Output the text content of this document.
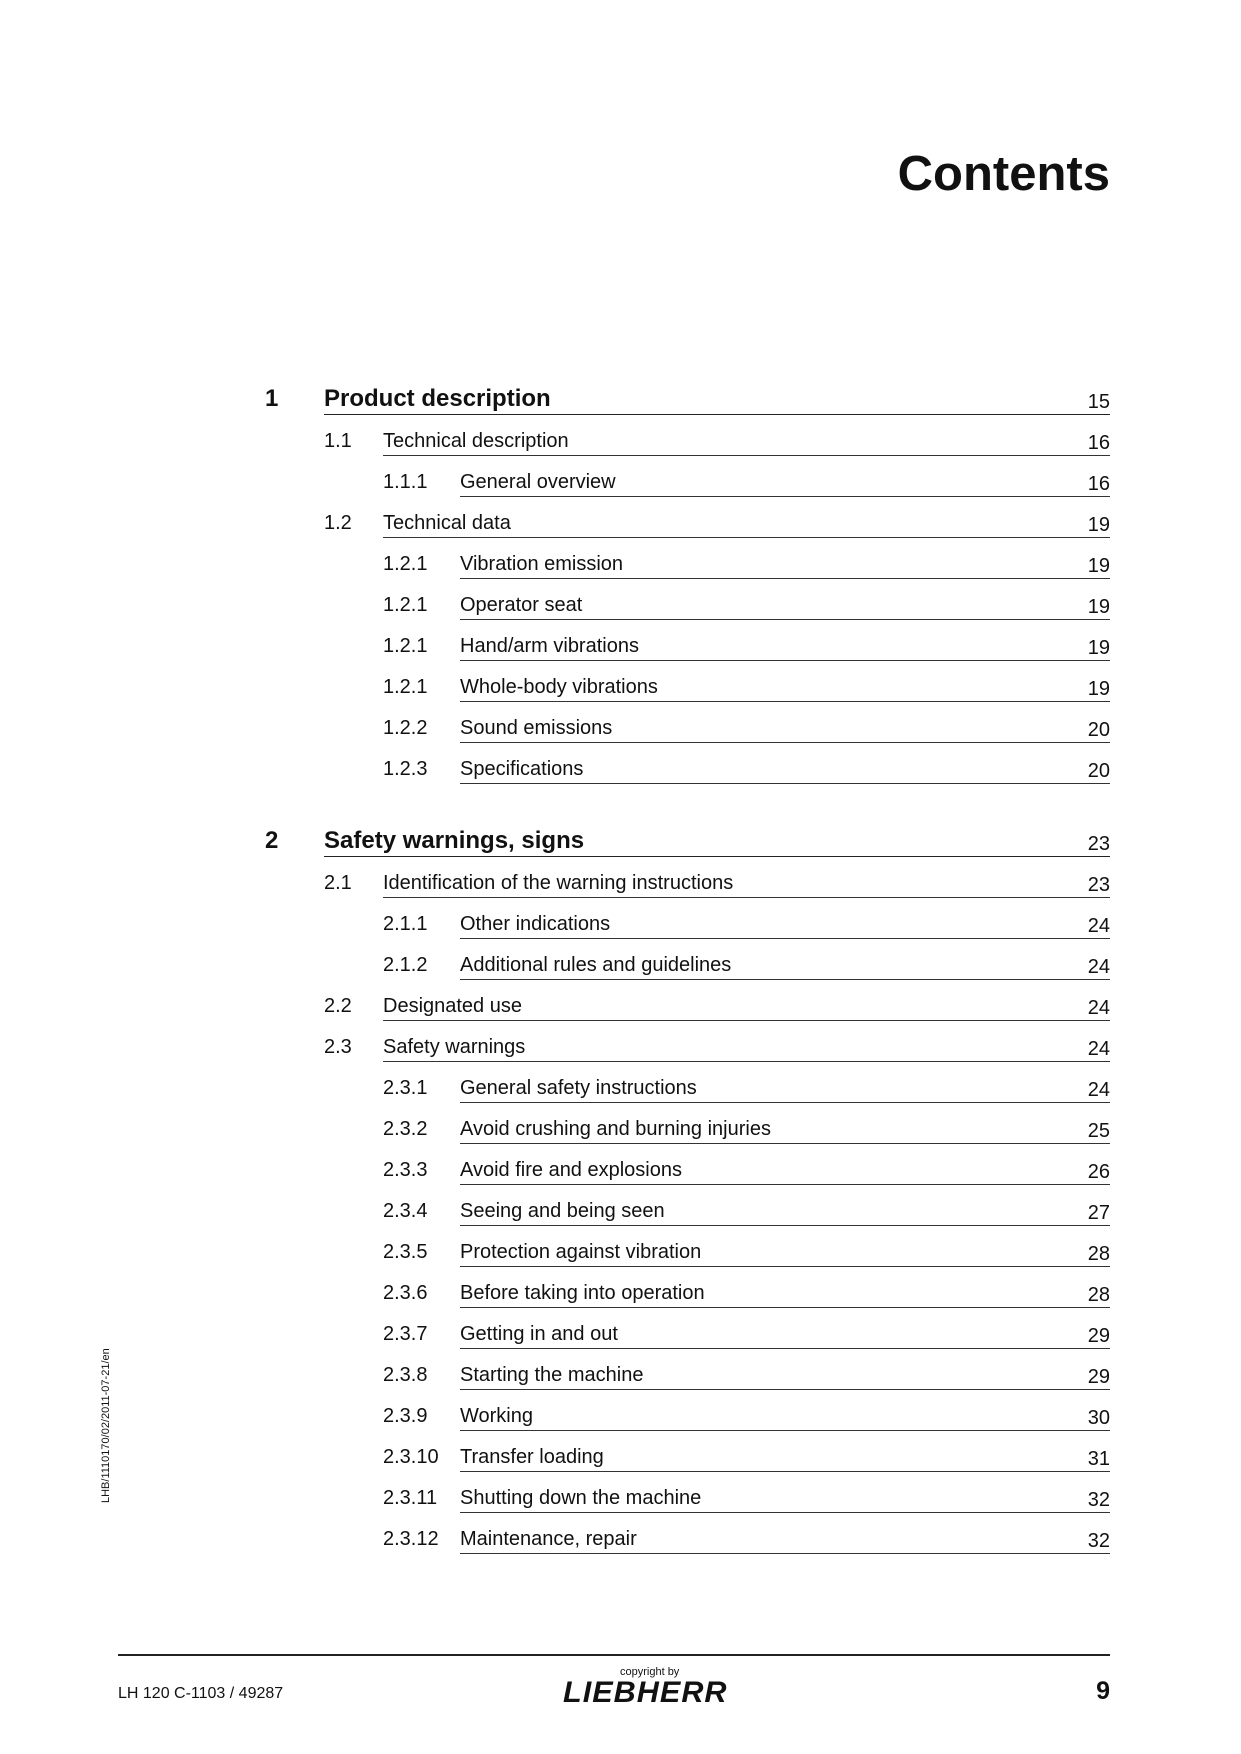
Contents
1 Product description	15
1.1 Technical description	16
1.1.1 General overview	16
1.2 Technical data	19
1.2.1 Vibration emission	19
1.2.1 Operator seat	19
1.2.1 Hand/arm vibrations	19
1.2.1 Whole-body vibrations	19
1.2.2 Sound emissions	20
1.2.3 Specifications	20
2 Safety warnings, signs	23
2.1 Identification of the warning instructions	23
2.1.1 Other indications	24
2.1.2 Additional rules and guidelines	24
2.2 Designated use	24
2.3 Safety warnings	24
2.3.1 General safety instructions	24
2.3.2 Avoid crushing and burning injuries	25
2.3.3 Avoid fire and explosions	26
2.3.4 Seeing and being seen	27
2.3.5 Protection against vibration	28
2.3.6 Before taking into operation	28
2.3.7 Getting in and out	29
2.3.8 Starting the machine	29
2.3.9 Working	30
2.3.10 Transfer loading	31
2.3.11 Shutting down the machine	32
2.3.12 Maintenance, repair	32
LHB/1110170/02/2011-07-21/en
LH 120 C-1103 / 49287
copyright by
LIEBHERR	9
